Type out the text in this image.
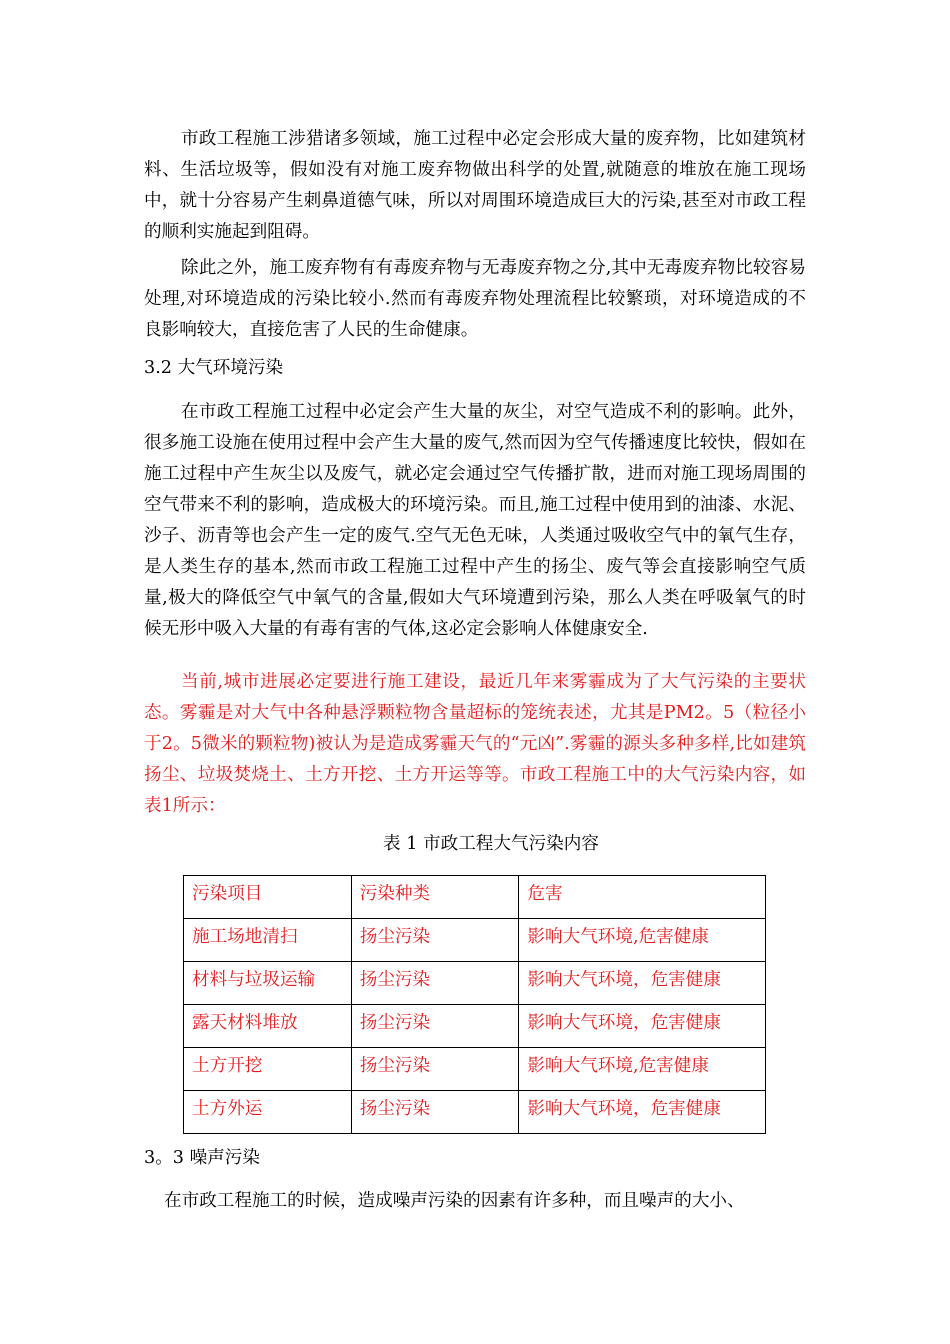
市政工程施工涉猎诸多领域，施工过程中必定会形成大量的废弃物，比如建筑材料、生活垃圾等，假如没有对施工废弃物做出科学的处置,就随意的堆放在施工现场中，就十分容易产生刺鼻道德气味，所以对周围环境造成巨大的污染,甚至对市政工程的顺利实施起到阻碍。

除此之外，施工废弃物有有毒废弃物与无毒废弃物之分,其中无毒废弃物比较容易处理,对环境造成的污染比较小.然而有毒废弃物处理流程比较繁琐，对环境造成的不良影响较大，直接危害了人民的生命健康。

3.2 大气环境污染

在市政工程施工过程中必定会产生大量的灰尘，对空气造成不利的影响。此外，很多施工设施在使用过程中会产生大量的废气,然而因为空气传播速度比较快，假如在施工过程中产生灰尘以及废气，就必定会通过空气传播扩散，进而对施工现场周围的空气带来不利的影响，造成极大的环境污染。而且,施工过程中使用到的油漆、水泥、沙子、沥青等也会产生一定的废气.空气无色无味，人类通过吸收空气中的氧气生存，是人类生存的基本,然而市政工程施工过程中产生的扬尘、废气等会直接影响空气质量,极大的降低空气中氧气的含量,假如大气环境遭到污染，那么人类在呼吸氧气的时候无形中吸入大量的有毒有害的气体,这必定会影响人体健康安全.

当前,城市进展必定要进行施工建设，最近几年来雾霾成为了大气污染的主要状态。雾霾是对大气中各种悬浮颗粒物含量超标的笼统表述，尤其是PM2。5（粒径小于2。5微米的颗粒物)被认为是造成雾霾天气的“元凶”.雾霾的源头多种多样,比如建筑扬尘、垃圾焚烧土、土方开挖、土方开运等等。市政工程施工中的大气污染内容，如表1所示：

表 1 市政工程大气污染内容

污染项目	污染种类	危害
施工场地清扫	扬尘污染	影响大气环境,危害健康
材料与垃圾运输	扬尘污染	影响大气环境，危害健康
露天材料堆放	扬尘污染	影响大气环境，危害健康
土方开挖	扬尘污染	影响大气环境,危害健康
土方外运	扬尘污染	影响大气环境，危害健康

3。3 噪声污染

在市政工程施工的时候，造成噪声污染的因素有许多种，而且噪声的大小、
